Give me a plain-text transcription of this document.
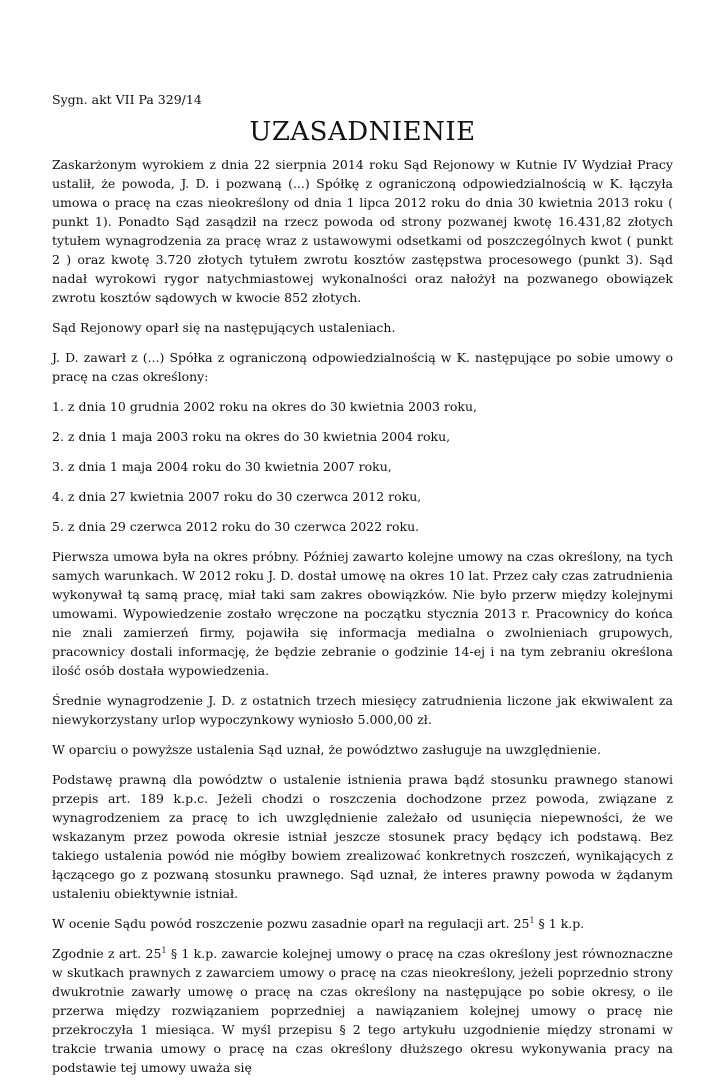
Sygn. akt VII Pa 329/14
UZASADNIENIE

Zaskarżonym wyrokiem z dnia 22 sierpnia 2014 roku Sąd Rejonowy w Kutnie IV Wydział Pracy ustalił, że powoda, J. D. i pozwaną (...) Spółkę z ograniczoną odpowiedzialnością w K. łączyła umowa o pracę na czas nieokreślony od dnia 1 lipca 2012 roku do dnia 30 kwietnia 2013 roku ( punkt 1). Ponadto Sąd zasądził na rzecz powoda od strony pozwanej kwotę 16.431,82 złotych tytułem wynagrodzenia za pracę wraz z ustawowymi odsetkami od poszczególnych kwot ( punkt 2 ) oraz kwotę 3.720 złotych tytułem zwrotu kosztów zastępstwa procesowego (punkt 3). Sąd nadał wyrokowi rygor natychmiastowej wykonalności oraz nałożył na pozwanego obowiązek zwrotu kosztów sądowych w kwocie 852 złotych.

Sąd Rejonowy oparł się na następujących ustaleniach.

J. D. zawarł z (...) Spółka z ograniczoną odpowiedzialnością w K. następujące po sobie umowy o pracę na czas określony:

1. z dnia 10 grudnia 2002 roku na okres do 30 kwietnia 2003 roku,
2. z dnia 1 maja 2003 roku na okres do 30 kwietnia 2004 roku,
3. z dnia 1 maja 2004 roku do 30 kwietnia 2007 roku,
4. z dnia 27 kwietnia 2007 roku do 30 czerwca 2012 roku,
5. z dnia 29 czerwca 2012 roku do 30 czerwca 2022 roku.

Pierwsza umowa była na okres próbny. Później zawarto kolejne umowy na czas określony, na tych samych warunkach. W 2012 roku J. D. dostał umowę na okres 10 lat. Przez cały czas zatrudnienia wykonywał tą samą pracę, miał taki sam zakres obowiązków. Nie było przerw między kolejnymi umowami. Wypowiedzenie zostało wręczone na początku stycznia 2013 r. Pracownicy do końca nie znali zamierzeń firmy, pojawiła się informacja medialna o zwolnieniach grupowych, pracownicy dostali informację, że będzie zebranie o godzinie 14-ej i na tym zebraniu określona ilość osób dostała wypowiedzenia.

Średnie wynagrodzenie J. D. z ostatnich trzech miesięcy zatrudnienia liczone jak ekwiwalent za niewykorzystany urlop wypoczynkowy wyniosło 5.000,00 zł.

W oparciu o powyższe ustalenia Sąd uznał, że powództwo zasługuje na uwzględnienie.

Podstawę prawną dla powództw o ustalenie istnienia prawa bądź stosunku prawnego stanowi przepis art. 189 k.p.c. Jeżeli chodzi o roszczenia dochodzone przez powoda, związane z wynagrodzeniem za pracę to ich uwzględnienie zależało od usunięcia niepewności, że we wskazanym przez powoda okresie istniał jeszcze stosunek pracy będący ich podstawą. Bez takiego ustalenia powód nie mógłby bowiem zrealizować konkretnych roszczeń, wynikających z łączącego go z pozwaną stosunku prawnego. Sąd uznał, że interes prawny powoda w żądanym ustaleniu obiektywnie istniał.

W ocenie Sądu powód roszczenie pozwu zasadnie oparł na regulacji art. $25^1$ § 1 k.p.

Zgodnie z art. $25^1$ § 1 k.p. zawarcie kolejnej umowy o pracę na czas określony jest równoznaczne w skutkach prawnych z zawarciem umowy o pracę na czas nieokreślony, jeżeli poprzednio strony dwukrotnie zawarły umowę o pracę na czas określony na następujące po sobie okresy, o ile przerwa między rozwiązaniem poprzedniej a nawiązaniem kolejnej umowy o pracę nie przekroczyła 1 miesiąca. W myśl przepisu § 2 tego artykułu uzgodnienie między stronami w trakcie trwania umowy o pracę na czas określony dłuższego okresu wykonywania pracy na podstawie tej umowy uważa się
